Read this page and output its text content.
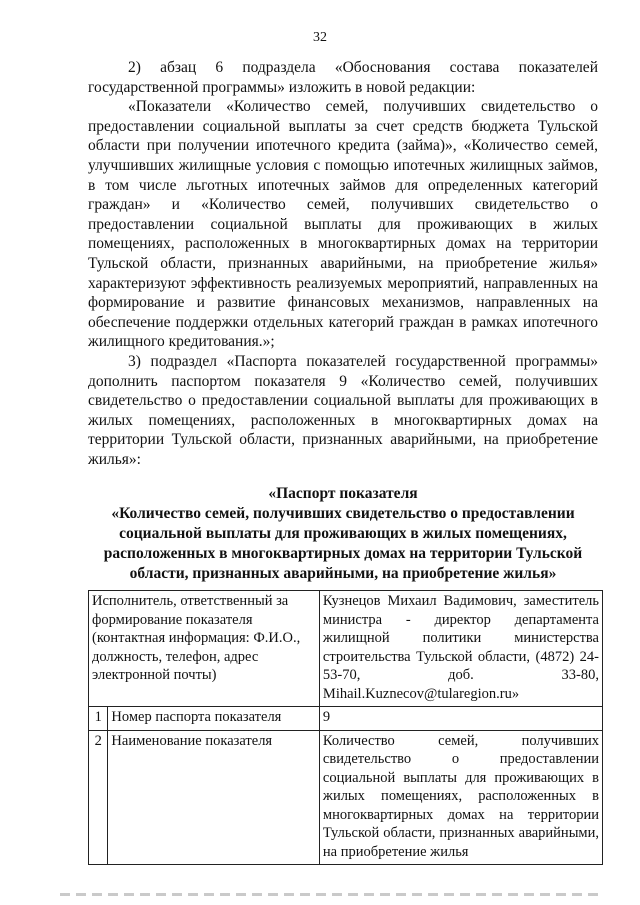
32

2) абзац 6 подраздела «Обоснования состава показателей государственной программы» изложить в новой редакции:

«Показатели «Количество семей, получивших свидетельство о предоставлении социальной выплаты за счет средств бюджета Тульской области при получении ипотечного кредита (займа)», «Количество семей, улучшивших жилищные условия с помощью ипотечных жилищных займов, в том числе льготных ипотечных займов для определенных категорий граждан» и «Количество семей, получивших свидетельство о предоставлении социальной выплаты для проживающих в жилых помещениях, расположенных в многоквартирных домах на территории Тульской области, признанных аварийными, на приобретение жилья» характеризуют эффективность реализуемых мероприятий, направленных на формирование и развитие финансовых механизмов, направленных на обеспечение поддержки отдельных категорий граждан в рамках ипотечного жилищного кредитования.»;

3) подраздел «Паспорта показателей государственной программы» дополнить паспортом показателя 9 «Количество семей, получивших свидетельство о предоставлении социальной выплаты для проживающих в жилых помещениях, расположенных в многоквартирных домах на территории Тульской области, признанных аварийными, на приобретение жилья»:

«Паспорт показателя
«Количество семей, получивших свидетельство о предоставлении социальной выплаты для проживающих в жилых помещениях, расположенных в многоквартирных домах на территории Тульской области, признанных аварийными, на приобретение жилья»
Исполнитель, ответственный за формирование показателя (контактная информация: Ф.И.О., должность, телефон, адрес электронной почты)		Кузнецов Михаил Вадимович, заместитель министра - директор департамента жилищной политики министерства строительства Тульской области, (4872) 24-53-70, доб. 33-80, Mihail.Kuznecov@tularegion.ru»
1	Номер паспорта показателя	9
2	Наименование показателя	Количество семей, получивших свидетельство о предоставлении социальной выплаты для проживающих в жилых помещениях, расположенных в многоквартирных домах на территории Тульской области, признанных аварийными, на приобретение жилья
